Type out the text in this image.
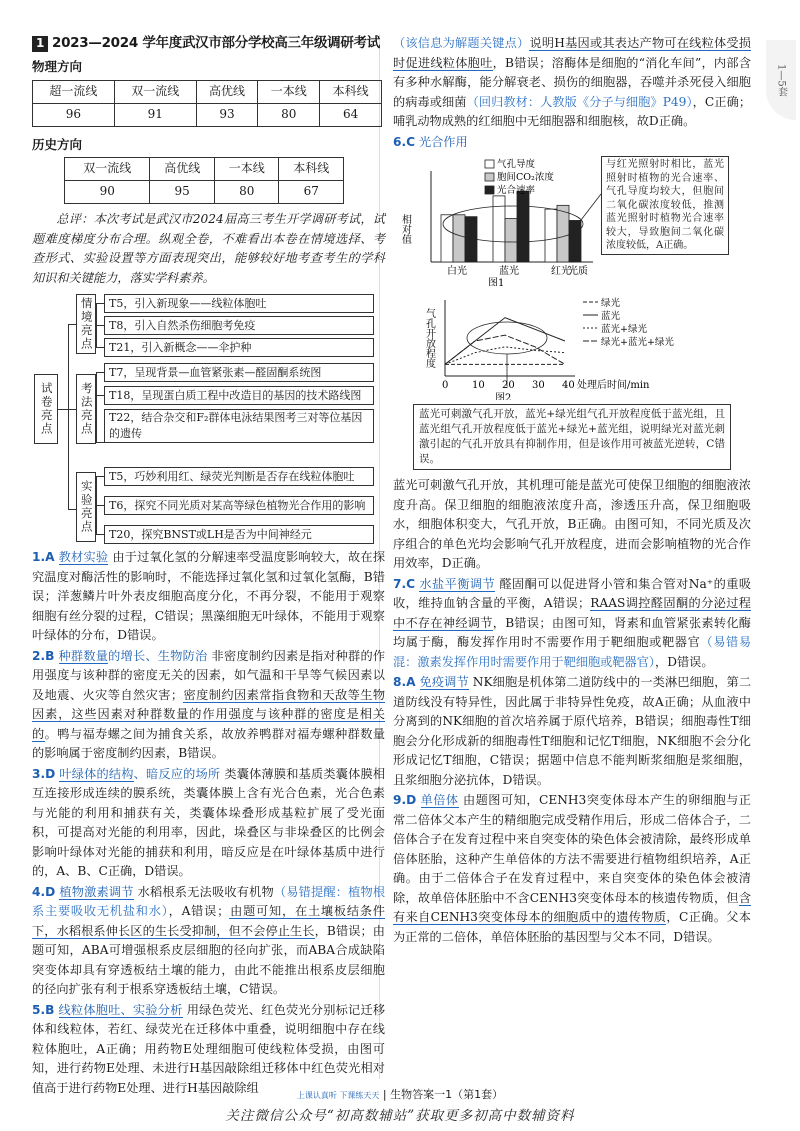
1—5套
1 2023—2024 学年度武汉市部分学校高三年级调研考试
物理方向
超一流线	双一流线	高优线	一本线	本科线
96	91	93	80	64
历史方向
双一流线	高优线	一本线	本科线
90	95	80	67
总评：本次考试是武汉市2024届高三考生开学调研考试，试题难度梯度分布合理。纵观全卷，不难看出本卷在情境选择、考查形式、实验设置等方面表现突出，能够较好地考查考生的学科知识和关键能力，落实学科素养。
试卷亮点
情境亮点	T5，引入新现象——线粒体胞吐
T8，引入自然杀伤细胞考免疫
T21，引入新概念——伞护种
考法亮点
T7，呈现背景—血管紧张素—醛固酮系统图
T18，呈现蛋白质工程中改造目的基因的技术路线图
T22，结合杂交和F₂群体电泳结果图考三对等位基因的遗传
实验亮点
T5，巧妙利用红、绿荧光判断是否存在线粒体胞吐
T6，探究不同光质对某高等绿色植物光合作用的影响
T20，探究BNST或LH是否为中间神经元
1.A 教材实验 由于过氧化氢的分解速率受温度影响较大，故在探究温度对酶活性的影响时，不能选择过氧化氢和过氧化氢酶，B错误；洋葱鳞片叶外表皮细胞高度分化，不再分裂，不能用于观察细胞有丝分裂的过程，C错误；黑藻细胞无叶绿体，不能用于观察叶绿体的分布，D错误。
2.B 种群数量的增长、生物防治 非密度制约因素是指对种群的作用强度与该种群的密度无关的因素，如气温和干旱等气候因素以及地震、火灾等自然灾害；密度制约因素常指食物和天敌等生物因素，这些因素对种群数量的作用强度与该种群的密度是相关的。鸭与福寿螺之间为捕食关系，故放养鸭群对福寿螺种群数量的影响属于密度制约因素，B错误。
3.D 叶绿体的结构、暗反应的场所 类囊体薄膜和基质类囊体膜相互连接形成连续的膜系统，类囊体膜上含有光合色素，光合色素与光能的利用和捕获有关，类囊体垛叠形成基粒扩展了受光面积，可提高对光能的利用率，因此，垛叠区与非垛叠区的比例会影响叶绿体对光能的捕获和利用，暗反应是在叶绿体基质中进行的，A、B、C正确，D错误。
4.D 植物激素调节 水稻根系无法吸收有机物（易错提醒：植物根系主要吸收无机盐和水），A错误；由题可知，在土壤板结条件下，水稻根系伸长区的生长受抑制，但不会停止生长，B错误；由题可知，ABA可增强根系皮层细胞的径向扩张，而ABA合成缺陷突变体却具有穿透板结土壤的能力，由此不能推出根系皮层细胞的径向扩张有利于根系穿透板结土壤，C错误。
5.B 线粒体胞吐、实验分析 用绿色荧光、红色荧光分别标记迁移体和线粒体，若红、绿荧光在迁移体中重叠，说明细胞中存在线粒体胞吐，A正确；用药物E处理细胞可使线粒体受损，由图可知，进行药物E处理、未进行H基因敲除组迁移体中红色荧光相对值高于进行药物E处理、进行H基因敲除组
（该信息为解题关键点）说明H基因或其表达产物可在线粒体受损时促进线粒体胞吐，B错误；溶酶体是细胞的“消化车间”，内部含有多种水解酶，能分解衰老、损伤的细胞器，吞噬并杀死侵入细胞的病毒或细菌（回归教材：人教版《分子与细胞》P49），C正确；哺乳动物成熟的红细胞中无细胞器和细胞核，故D正确。
6.C 光合作用
相对值
白光	蓝光	红光
光质
图1
气孔导度
胞间CO₂浓度
光合速率
与红光照射时相比，蓝光照射时植物的光合速率、气孔导度均较大，但胞间二氧化碳浓度较低，推测蓝光照射时植物光合速率较大，导致胞间二氧化碳浓度较低，A正确。
气孔开放程度
0 10 20 30 40 处理后时间/min
图2
绿光
蓝光
蓝光+绿光
绿光+蓝光+绿光
蓝光可刺激气孔开放，蓝光+绿光组气孔开放程度低于蓝光组，且蓝光组气孔开放程度低于蓝光+绿光+蓝光组，说明绿光对蓝光刺激引起的气孔开放具有抑制作用，但是该作用可被蓝光逆转，C错误。
蓝光可刺激气孔开放，其机理可能是蓝光可使保卫细胞的细胞液浓度升高。保卫细胞的细胞液浓度升高，渗透压升高，保卫细胞吸水，细胞体积变大，气孔开放，B正确。由图可知，不同光质及次序组合的单色光均会影响气孔开放程度，进而会影响植物的光合作用效率，D正确。
7.C 水盐平衡调节 醛固酮可以促进肾小管和集合管对Na⁺的重吸收，维持血钠含量的平衡，A错误；RAAS调控醛固酮的分泌过程中不存在神经调节，B错误；由图可知，肾素和血管紧张素转化酶均属于酶，酶发挥作用时不需要作用于靶细胞或靶器官（易错易混：激素发挥作用时需要作用于靶细胞或靶器官），D错误。
8.A 免疫调节 NK细胞是机体第二道防线中的一类淋巴细胞，第二道防线没有特异性，因此属于非特异性免疫，故A正确；从血液中分离到的NK细胞的首次培养属于原代培养，B错误；细胞毒性T细胞会分化形成新的细胞毒性T细胞和记忆T细胞，NK细胞不会分化形成记忆T细胞，C错误；据题中信息不能判断浆细胞是浆细胞，且浆细胞分泌抗体，D错误。
9.D 单倍体 由题图可知，CENH3突变体母本产生的卵细胞与正常二倍体父本产生的精细胞完成受精作用后，形成二倍体合子，二倍体合子在发育过程中来自突变体的染色体会被清除，最终形成单倍体胚胎，这种产生单倍体的方法不需要进行植物组织培养，A正确。由于二倍体合子在发育过程中，来自突变体的染色体会被清除，故单倍体胚胎中不含CENH3突变体母本的核遗传物质，但含有来自CENH3突变体母本的细胞质中的遗传物质，C正确。父本为正常的二倍体，单倍体胚胎的基因型与父本不同，D错误。
上课认真听 下课练天天 | 生物答案一1（第1套）
关注微信公众号“初高数辅站”获取更多初高中数辅资料
